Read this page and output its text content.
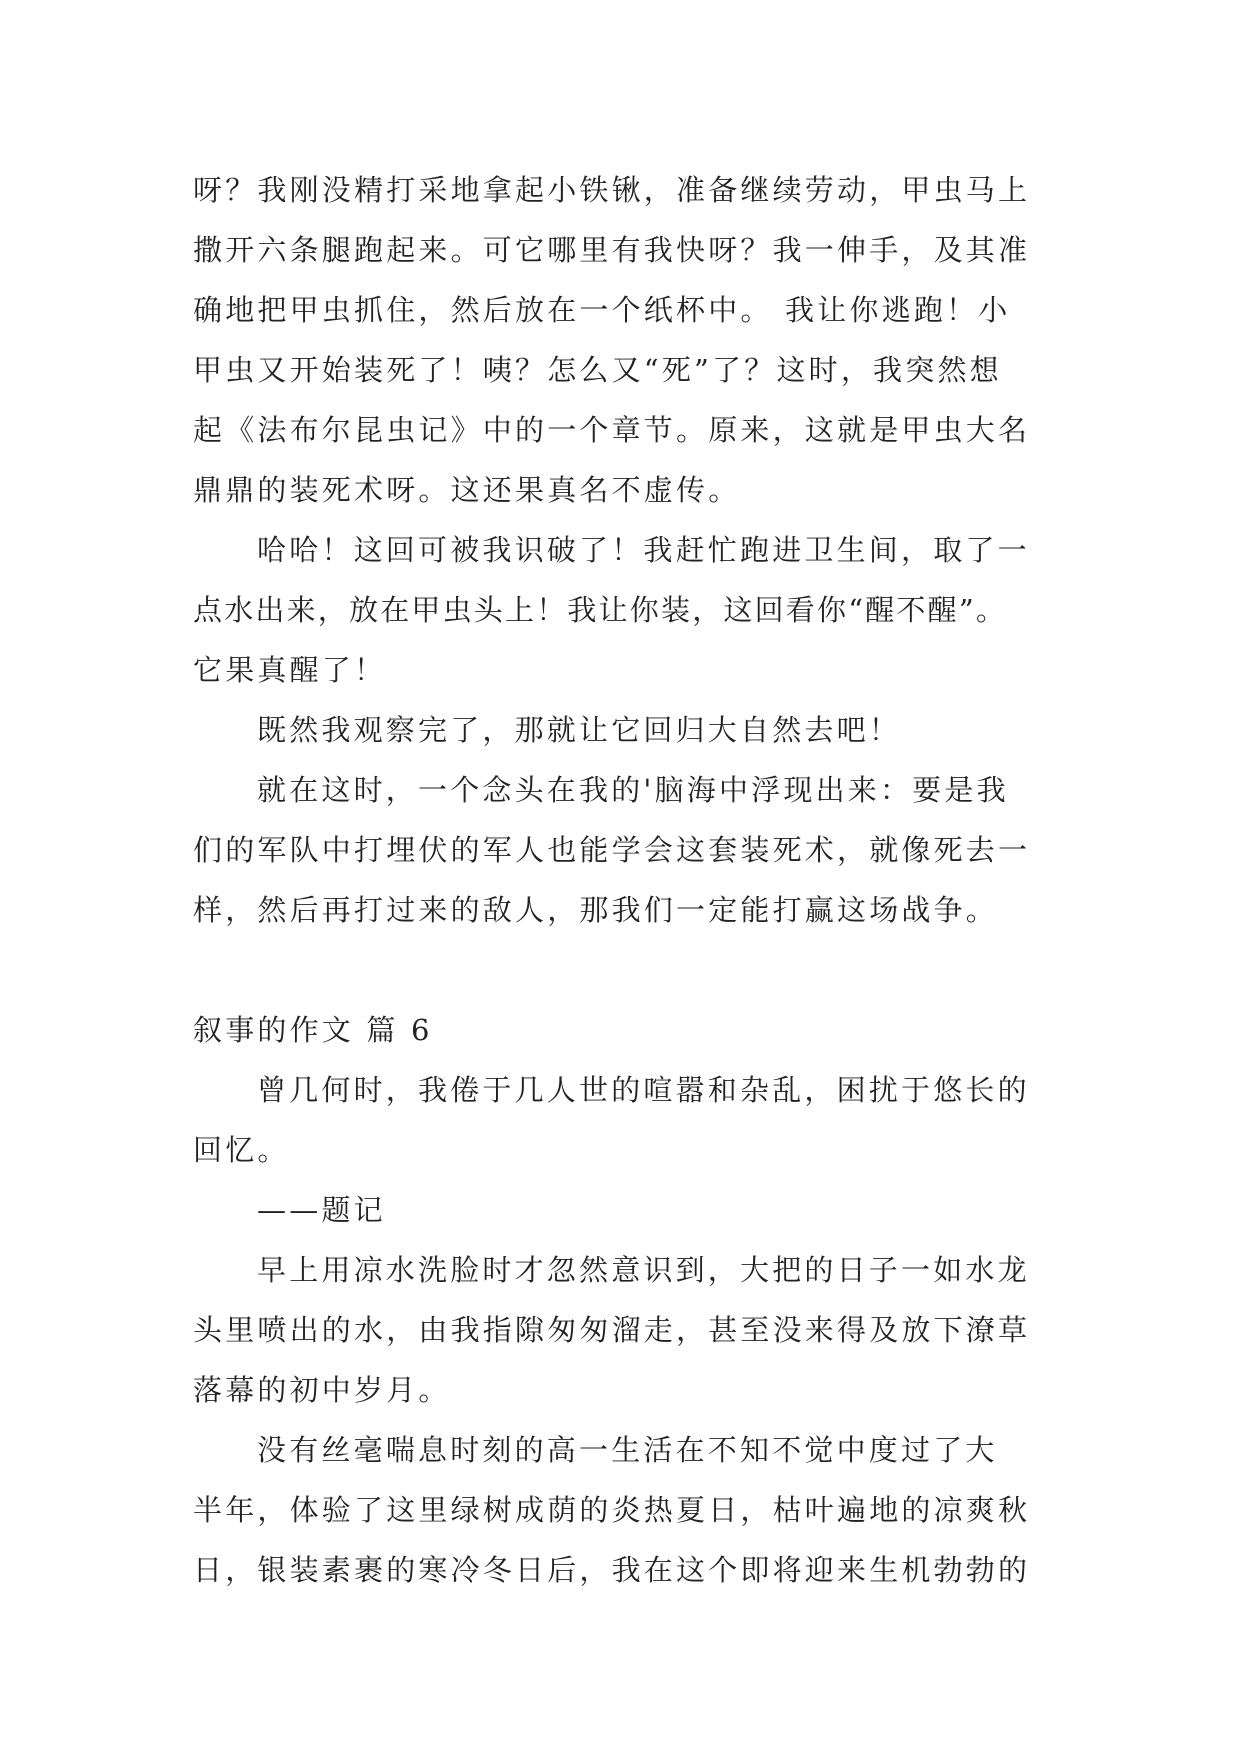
呀？我刚没精打采地拿起小铁锹，准备继续劳动，甲虫马上
撒开六条腿跑起来。可它哪里有我快呀？我一伸手，及其准
确地把甲虫抓住，然后放在一个纸杯中。 我让你逃跑！小
甲虫又开始装死了！咦？怎么又“死”了？这时，我突然想
起《法布尔昆虫记》中的一个章节。原来，这就是甲虫大名
鼎鼎的装死术呀。这还果真名不虚传。
哈哈！这回可被我识破了！我赶忙跑进卫生间，取了一
点水出来，放在甲虫头上！我让你装，这回看你“醒不醒”。
它果真醒了！
既然我观察完了，那就让它回归大自然去吧！
就在这时，一个念头在我的'脑海中浮现出来：要是我
们的军队中打埋伏的军人也能学会这套装死术，就像死去一
样，然后再打过来的敌人，那我们一定能打赢这场战争。
叙事的作文 篇 6
曾几何时，我倦于几人世的喧嚣和杂乱，困扰于悠长的
回忆。
——题记
早上用凉水洗脸时才忽然意识到，大把的日子一如水龙
头里喷出的水，由我指隙匆匆溜走，甚至没来得及放下潦草
落幕的初中岁月。
没有丝毫喘息时刻的高一生活在不知不觉中度过了大
半年，体验了这里绿树成荫的炎热夏日，枯叶遍地的凉爽秋
日，银装素裹的寒冷冬日后，我在这个即将迎来生机勃勃的
